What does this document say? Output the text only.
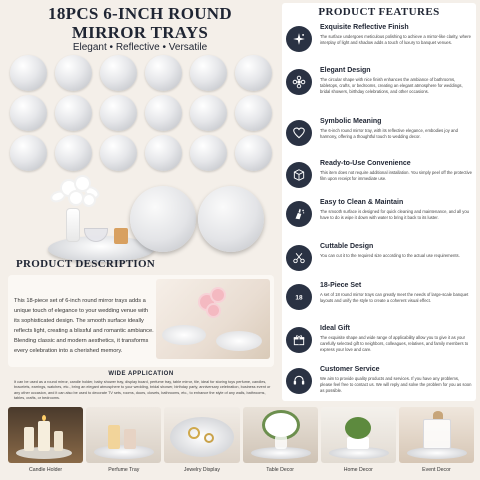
18PCS 6-INCH ROUND
MIRROR TRAYS
Elegant • Reflective • Versatile
PRODUCT DESCRIPTION
This 18-piece set of 6-inch round mirror trays adds a unique touch of elegance to your wedding venue with its sophisticated design. The smooth surface ideally reflects light, creating a blissful and romantic ambiance. Blending classic and modern aesthetics, it transforms every celebration into a cherished memory.
WIDE APPLICATION
It can be used as a round mirror, candle holder, baby shower tray, display board, perfume tray, table mirror, tile, ideal for storing toys perfume, candles, bracelets, earrings, watches, etc., bring an elegant atmosphere to your wedding, bridal shower, birthday party, anniversary celebration, business event or any other occasion, and it can also be used to decorate TV sets, rooms, doors, closets, bathrooms, etc., to enhance the style of any walls, bathrooms, tables, crafts, or bedrooms.
Candle Holder	Perfume Tray	Jewelry Display	Table Decor	Home Decor	Event Decor
PRODUCT FEATURES
Exquisite Reflective Finish
The surface undergoes meticulous polishing to achieve a mirror-like clarity, where interplay of light and shadow adds a touch of luxury to banquet venues.
Elegant Design
The circular shape with nice finish enhances the ambiance of bathrooms, tabletops, crafts, or bedrooms, creating an elegant atmosphere for weddings, bridal showers, birthday celebrations, and other occasions.
Symbolic Meaning
The 6-inch round mirror tray, with its reflective elegance, embodies joy and harmony, offering a thoughtful touch to wedding decor.
Ready-to-Use Convenience
This item does not require additional installation. You simply peel off the protective film upon receipt for immediate use.
Easy to Clean & Maintain
The smooth surface is designed for quick cleaning and maintenance, and all you have to do is wipe it down with water to bring it back to its luster.
Cuttable Design
You can cut it to the required size according to the actual use requirements.
18
18-Piece Set
A set of 18 round mirror trays can greatly meet the needs of large-scale banquet layouts and unify the style to create a coherent visual effect.
Ideal Gift
The exquisite shape and wide range of applicability allow you to give it as your carefully selected gift to neighbors, colleagues, relatives, and family members to express your love and care.
Customer Service
We aim to provide quality products and services. If you have any problems, please feel free to contact us. We will reply and solve the problem for you as soon as possible.
